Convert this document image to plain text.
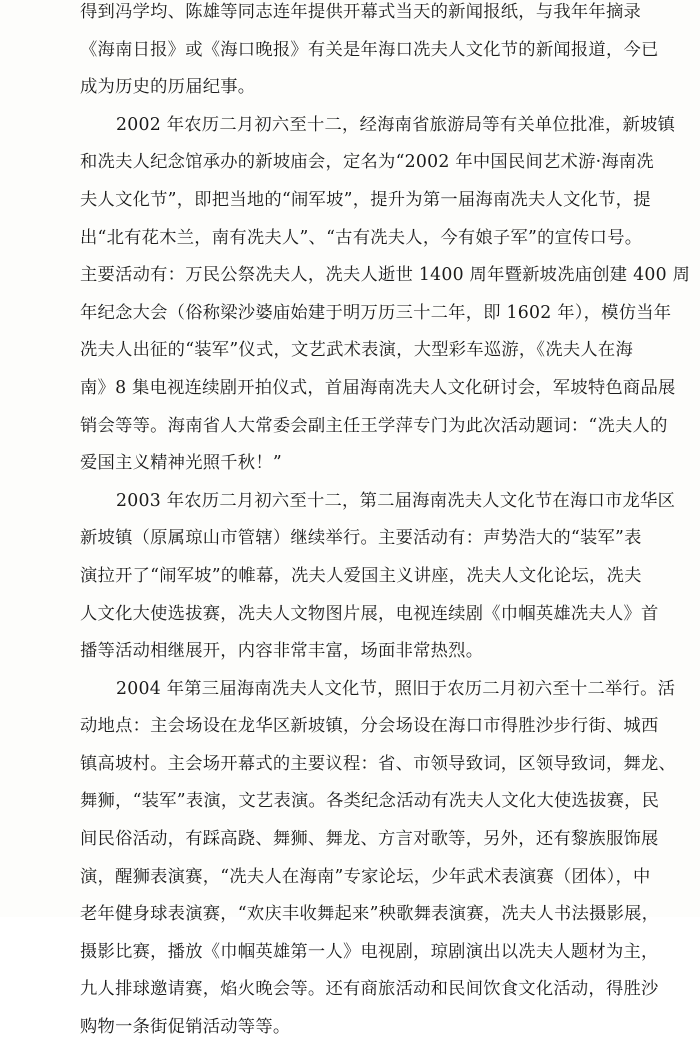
得到冯学均、陈雄等同志连年提供开幕式当天的新闻报纸，与我年年摘录
《海南日报》或《海口晚报》有关是年海口冼夫人文化节的新闻报道，今已
成为历史的历届纪事。
2002 年农历二月初六至十二，经海南省旅游局等有关单位批准，新坡镇
和冼夫人纪念馆承办的新坡庙会，定名为“2002 年中国民间艺术游·海南冼
夫人文化节”，即把当地的“闹军坡”，提升为第一届海南冼夫人文化节，提
出“北有花木兰，南有冼夫人”、“古有冼夫人，今有娘子军”的宣传口号。
主要活动有：万民公祭冼夫人，冼夫人逝世 1400 周年暨新坡冼庙创建 400 周
年纪念大会（俗称梁沙婆庙始建于明万历三十二年，即 1602 年），模仿当年
冼夫人出征的“装军”仪式，文艺武术表演，大型彩车巡游，《冼夫人在海
南》8 集电视连续剧开拍仪式，首届海南冼夫人文化研讨会，军坡特色商品展
销会等等。海南省人大常委会副主任王学萍专门为此次活动题词：“冼夫人的
爱国主义精神光照千秋！”
2003 年农历二月初六至十二，第二届海南冼夫人文化节在海口市龙华区
新坡镇（原属琼山市管辖）继续举行。主要活动有：声势浩大的“装军”表
演拉开了“闹军坡”的帷幕，冼夫人爱国主义讲座，冼夫人文化论坛，冼夫
人文化大使选拔赛，冼夫人文物图片展，电视连续剧《巾帼英雄冼夫人》首
播等活动相继展开，内容非常丰富，场面非常热烈。
2004 年第三届海南冼夫人文化节，照旧于农历二月初六至十二举行。活
动地点：主会场设在龙华区新坡镇，分会场设在海口市得胜沙步行街、城西
镇高坡村。主会场开幕式的主要议程：省、市领导致词，区领导致词，舞龙、
舞狮，“装军”表演，文艺表演。各类纪念活动有冼夫人文化大使选拔赛，民
间民俗活动，有踩高跷、舞狮、舞龙、方言对歌等，另外，还有黎族服饰展
演，醒狮表演赛，“冼夫人在海南”专家论坛，少年武术表演赛（团体），中
老年健身球表演赛，“欢庆丰收舞起来”秧歌舞表演赛，冼夫人书法摄影展，
摄影比赛，播放《巾帼英雄第一人》电视剧，琼剧演出以冼夫人题材为主，
九人排球邀请赛，焰火晚会等。还有商旅活动和民间饮食文化活动，得胜沙
购物一条街促销活动等等。
